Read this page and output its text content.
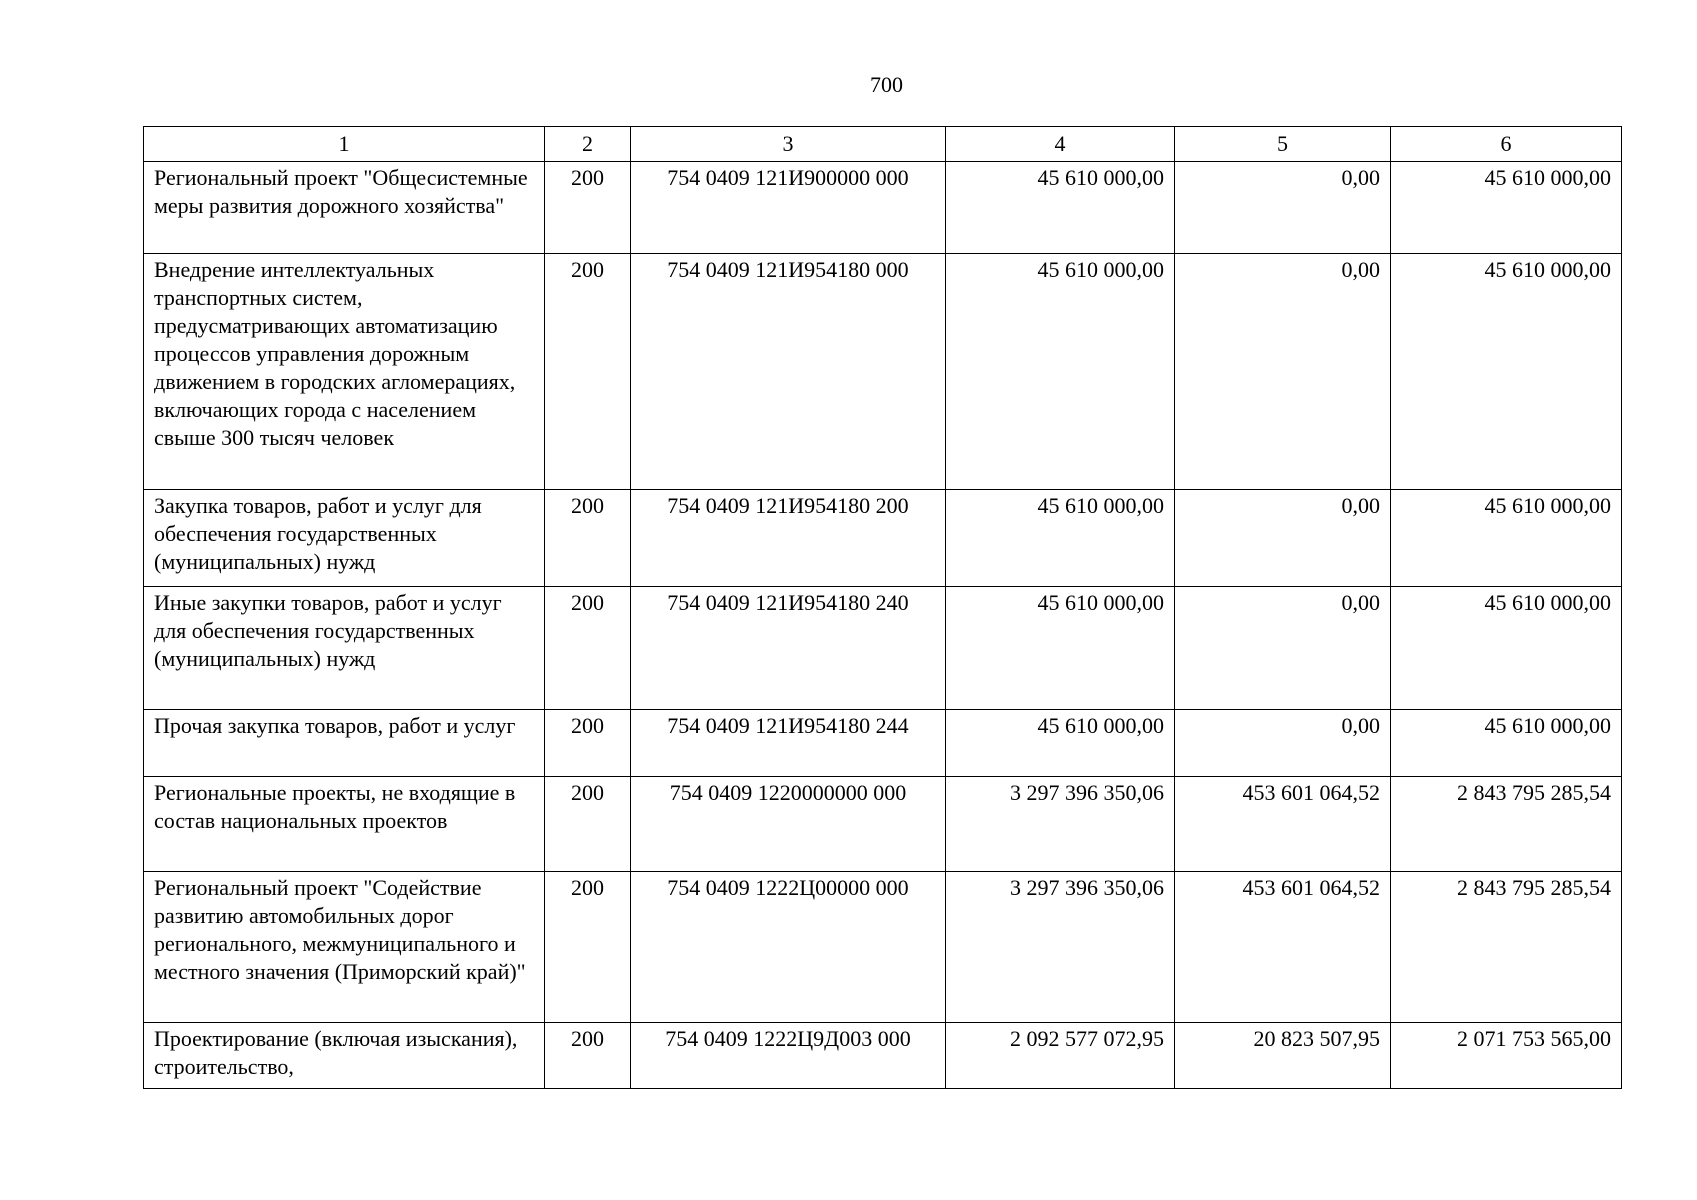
700
1	2	3	4	5	6
Региональный проект "Общесистемные меры развития дорожного хозяйства"	200	754 0409 121И900000 000	45 610 000,00	0,00	45 610 000,00
Внедрение интеллектуальных транспортных систем, предусматривающих автоматизацию процессов управления дорожным движением в городских агломерациях, включающих города с населением свыше 300 тысяч человек	200	754 0409 121И954180 000	45 610 000,00	0,00	45 610 000,00
Закупка товаров, работ и услуг для обеспечения государственных (муниципальных) нужд	200	754 0409 121И954180 200	45 610 000,00	0,00	45 610 000,00
Иные закупки товаров, работ и услуг для обеспечения государственных (муниципальных) нужд	200	754 0409 121И954180 240	45 610 000,00	0,00	45 610 000,00
Прочая закупка товаров, работ и услуг	200	754 0409 121И954180 244	45 610 000,00	0,00	45 610 000,00
Региональные проекты, не входящие в состав национальных проектов	200	754 0409 1220000000 000	3 297 396 350,06	453 601 064,52	2 843 795 285,54
Региональный проект "Содействие развитию автомобильных дорог регионального, межмуниципального и местного значения (Приморский край)"	200	754 0409 1222Ц00000 000	3 297 396 350,06	453 601 064,52	2 843 795 285,54
Проектирование (включая изыскания), строительство,	200	754 0409 1222Ц9Д003 000	2 092 577 072,95	20 823 507,95	2 071 753 565,00
